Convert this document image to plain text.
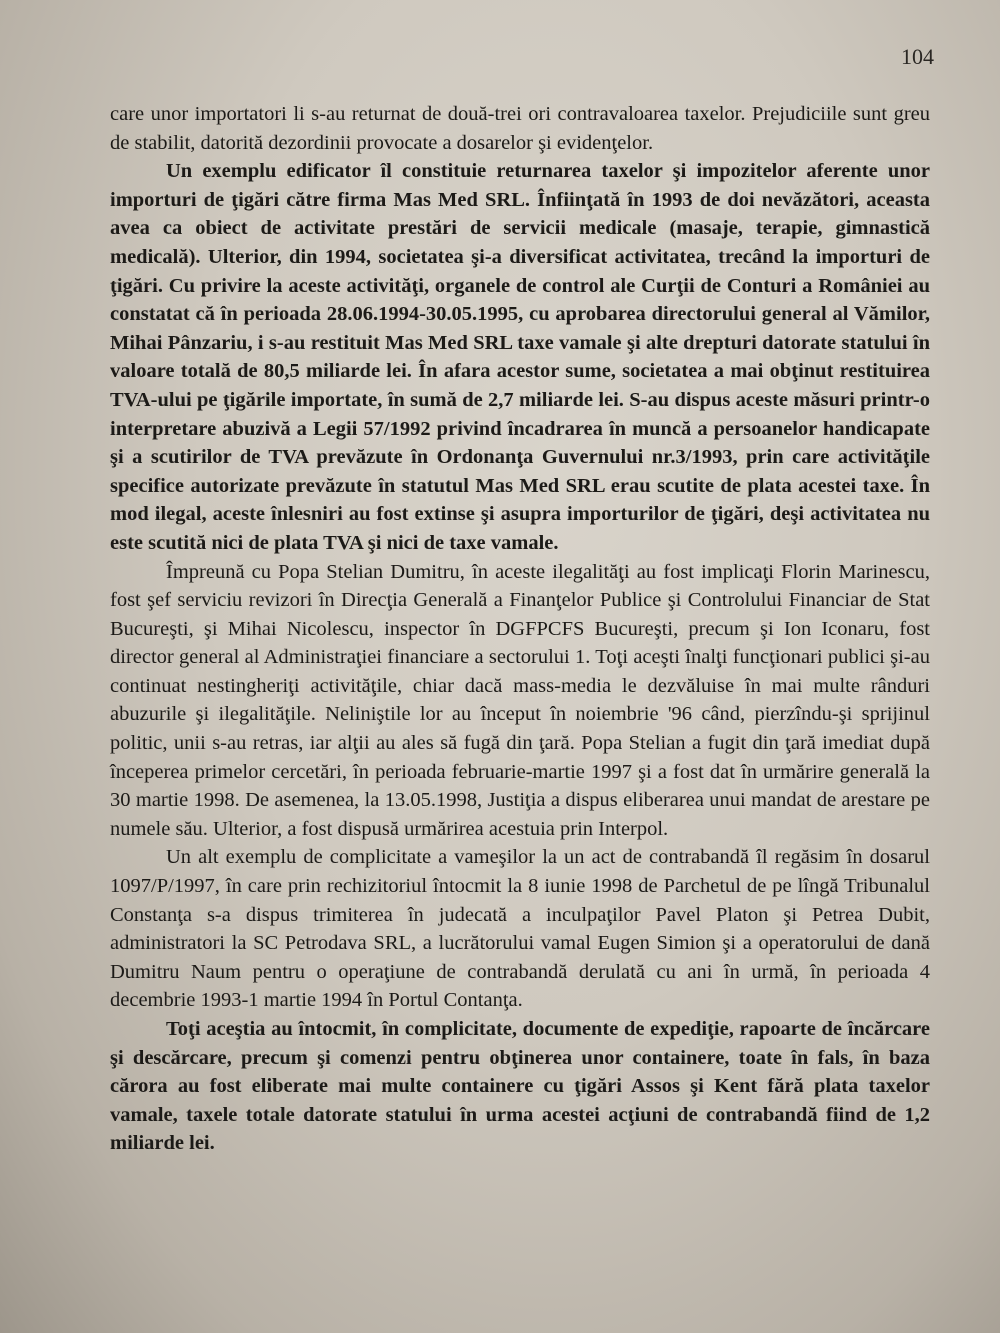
104

care unor importatori li s-au returnat de două-trei ori contravaloarea taxelor. Prejudiciile sunt greu de stabilit, datorită dezordinii provocate a dosarelor şi evidenţelor.

Un exemplu edificator îl constituie returnarea taxelor şi impozitelor aferente unor importuri de ţigări către firma Mas Med SRL. Înfiinţată în 1993 de doi nevăzători, aceasta avea ca obiect de activitate prestări de servicii medicale (masaje, terapie, gimnastică medicală). Ulterior, din 1994, societatea şi-a diversificat activitatea, trecând la importuri de ţigări. Cu privire la aceste activităţi, organele de control ale Curţii de Conturi a României au constatat că în perioada 28.06.1994-30.05.1995, cu aprobarea directorului general al Vămilor, Mihai Pânzariu, i s-au restituit Mas Med SRL taxe vamale şi alte drepturi datorate statului în valoare totală de 80,5 miliarde lei. În afara acestor sume, societatea a mai obţinut restituirea TVA-ului pe ţigările importate, în sumă de 2,7 miliarde lei. S-au dispus aceste măsuri printr-o interpretare abuzivă a Legii 57/1992 privind încadrarea în muncă a persoanelor handicapate şi a scutirilor de TVA prevăzute în Ordonanţa Guvernului nr.3/1993, prin care activităţile specifice autorizate prevăzute în statutul Mas Med SRL erau scutite de plata acestei taxe. În mod ilegal, aceste înlesniri au fost extinse şi asupra importurilor de ţigări, deşi activitatea nu este scutită nici de plata TVA şi nici de taxe vamale.

Împreună cu Popa Stelian Dumitru, în aceste ilegalităţi au fost implicaţi Florin Marinescu, fost şef serviciu revizori în Direcţia Generală a Finanţelor Publice şi Controlului Financiar de Stat Bucureşti, şi Mihai Nicolescu, inspector în DGFPCFS Bucureşti, precum şi Ion Iconaru, fost director general al Administraţiei financiare a sectorului 1. Toţi aceşti înalţi funcţionari publici şi-au continuat nestingheriţi activităţile, chiar dacă mass-media le dezvăluise în mai multe rânduri abuzurile şi ilegalităţile. Neliniştile lor au început în noiembrie '96 când, pierzîndu-şi sprijinul politic, unii s-au retras, iar alţii au ales să fugă din ţară. Popa Stelian a fugit din ţară imediat după începerea primelor cercetări, în perioada februarie-martie 1997 şi a fost dat în urmărire generală la 30 martie 1998. De asemenea, la 13.05.1998, Justiţia a dispus eliberarea unui mandat de arestare pe numele său. Ulterior, a fost dispusă urmărirea acestuia prin Interpol.

Un alt exemplu de complicitate a vameşilor la un act de contrabandă îl regăsim în dosarul 1097/P/1997, în care prin rechizitoriul întocmit la 8 iunie 1998 de Parchetul de pe lîngă Tribunalul Constanţa s-a dispus trimiterea în judecată a inculpaţilor Pavel Platon şi Petrea Dubit, administratori la SC Petrodava SRL, a lucrătorului vamal Eugen Simion şi a operatorului de dană Dumitru Naum pentru o operaţiune de contrabandă derulată cu ani în urmă, în perioada 4 decembrie 1993-1 martie 1994 în Portul Contanţa.

Toţi aceştia au întocmit, în complicitate, documente de expediţie, rapoarte de încărcare şi descărcare, precum şi comenzi pentru obţinerea unor containere, toate în fals, în baza cărora au fost eliberate mai multe containere cu ţigări Assos şi Kent fără plata taxelor vamale, taxele totale datorate statului în urma acestei acţiuni de contrabandă fiind de 1,2 miliarde lei.
